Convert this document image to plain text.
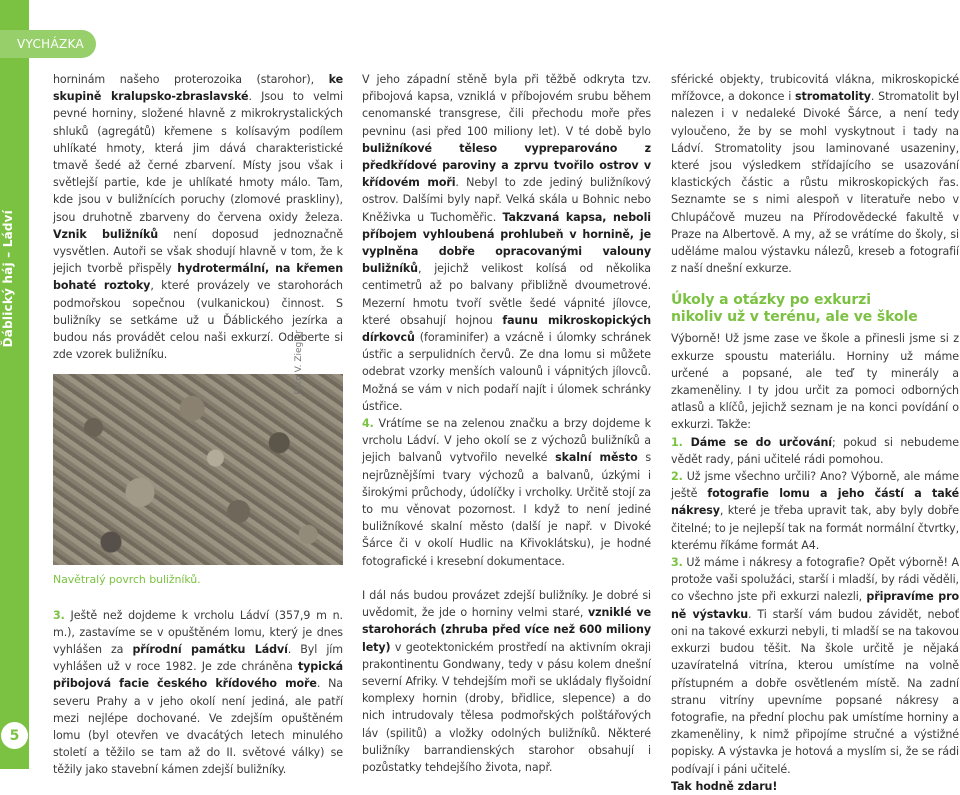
VYCHÁZKA
Ďáblický háj – Ládví
5

horninám našeho proterozoika (starohor), ke skupině kralupsko-zbraslavské. Jsou to velmi pevné horniny, složené hlavně z mikrokrystalických shluků (agregátů) křemene s kolísavým podílem uhlíkaté hmoty, která jim dává charakteristické tmavě šedé až černé zbarvení. Místy jsou však i světlejší partie, kde je uhlíkaté hmoty málo. Tam, kde jsou v buližnících poruchy (zlomové praskliny), jsou druhotně zbarveny do červena oxidy železa. Vznik buližníků není doposud jednoznačně vysvětlen. Autoři se však shodují hlavně v tom, že k jejich tvorbě přispěly hydrotermální, na křemen bohaté roztoky, které provázely ve starohorách podmořskou sopečnou (vulkanickou) činnost. S buližníky se setkáme už u Ďáblického jezírka a budou nás provádět celou naši exkurzí. Odeberte si zde vzorek buližníku.

Navětralý povrch buližníků.

3. Ještě než dojdeme k vrcholu Ládví (357,9 m n. m.), zastavíme se v opuštěném lomu, který je dnes vyhlášen za přírodní památku Ládví. Byl jím vyhlášen už v roce 1982. Je zde chráněna typická přibojová facie českého křídového moře. Na severu Prahy a v jeho okolí není jediná, ale patří mezi nejlépe dochované. Ve zdejším opuštěném lomu (byl otevřen ve dvacátých letech minulého století a těžilo se tam až do II. světové války) se těžily jako stavební kámen zdejší buližníky.

Foto V. Ziegler

V jeho západní stěně byla při těžbě odkryta tzv. přibojová kapsa, vzniklá v příbojovém srubu během cenomanské transgrese, čili přechodu moře přes pevninu (asi před 100 miliony let). V té době bylo buližníkové těleso vypreparováno z předkřídové paroviny a zprvu tvořilo ostrov v křídovém moři. Nebyl to zde jediný buližníkový ostrov. Dalšími byly např. Velká skála u Bohnic nebo Kněživka u Tuchoměřic. Takzvaná kapsa, neboli příbojem vyhloubená prohlubeň v hornině, je vyplněna dobře opracovanými valouny buližníků, jejichž velikost kolísá od několika centimetrů až po balvany přibližně dvoumetrové. Mezerní hmotu tvoří světle šedé vápnité jílovce, které obsahují hojnou faunu mikroskopických dírkovců (foraminifer) a vzácně i úlomky schránek ústřic a serpulidních červů. Ze dna lomu si můžete odebrat vzorky menších valounů i vápnitých jílovců. Možná se vám v nich podaří najít i úlomek schránky ústřice.

4. Vrátíme se na zelenou značku a brzy dojdeme k vrcholu Ládví. V jeho okolí se z výchozů buližníků a jejich balvanů vytvořilo nevelké skalní město s nejrůznějšími tvary výchozů a balvanů, úzkými i širokými průchody, údolíčky i vrcholky. Určitě stojí za to mu věnovat pozornost. I když to není jediné buližníkové skalní město (další je např. v Divoké Šárce či v okolí Hudlic na Křivoklátsku), je hodné fotografické i kresební dokumentace.

I dál nás budou provázet zdejší buližníky. Je dobré si uvědomit, že jde o horniny velmi staré, vzniklé ve starohorách (zhruba před více než 600 miliony lety) v geotektonickém prostředí na aktivním okraji prakontinentu Gondwany, tedy v pásu kolem dnešní severní Afriky. V tehdejším moři se ukládaly flyšoidní komplexy hornin (droby, břidlice, slepence) a do nich intrudovaly tělesa podmořských polštářových láv (spilitů) a vložky odolných buližníků. Některé buližníky barrandienských starohor obsahují i pozůstatky tehdejšího života, např.

sférické objekty, trubicovitá vlákna, mikroskopické mřížovce, a dokonce i stromatolity. Stromatolit byl nalezen i v nedaleké Divoké Šárce, a není tedy vyloučeno, že by se mohl vyskytnout i tady na Ládví. Stromatolity jsou laminované usazeniny, které jsou výsledkem střídajícího se usazování klastických částic a růstu mikroskopických řas. Seznamte se s nimi alespoň v literatuře nebo v Chlupáčově muzeu na Přírodovědecké fakultě v Praze na Albertově. A my, až se vrátíme do školy, si uděláme malou výstavku nálezů, kreseb a fotografií z naší dnešní exkurze.

Úkoly a otázky po exkurzi
nikoliv už v terénu, ale ve škole

Výborně! Už jsme zase ve škole a přinesli jsme si z exkurze spoustu materiálu. Horniny už máme určené a popsané, ale teď ty minerály a zkameněliny. I ty jdou určit za pomoci odborných atlasů a klíčů, jejichž seznam je na konci povídání o exkurzi. Takže:

1. Dáme se do určování; pokud si nebudeme vědět rady, páni učitelé rádi pomohou.

2. Už jsme všechno určili? Ano? Výborně, ale máme ještě fotografie lomu a jeho částí a také nákresy, které je třeba upravit tak, aby byly dobře čitelné; to je nejlepší tak na formát normální čtvrtky, kterému říkáme formát A4.

3. Už máme i nákresy a fotografie? Opět výborně! A protože vaši spolužáci, starší i mladší, by rádi věděli, co všechno jste při exkurzi nalezli, připravíme pro ně výstavku. Ti starší vám budou závidět, neboť oni na takové exkurzi nebyli, ti mladší se na takovou exkurzi budou těšit. Na škole určitě je nějaká uzavíratelná vitrína, kterou umístíme na volně přístupném a dobře osvětleném místě. Na zadní stranu vitríny upevníme popsané nákresy a fotografie, na přední plochu pak umístíme horniny a zkameněliny, k nimž připojíme stručné a výstižné popisky. A výstavka je hotová a myslím si, že se rádi podívají i páni učitelé.

Tak hodně zdaru!
